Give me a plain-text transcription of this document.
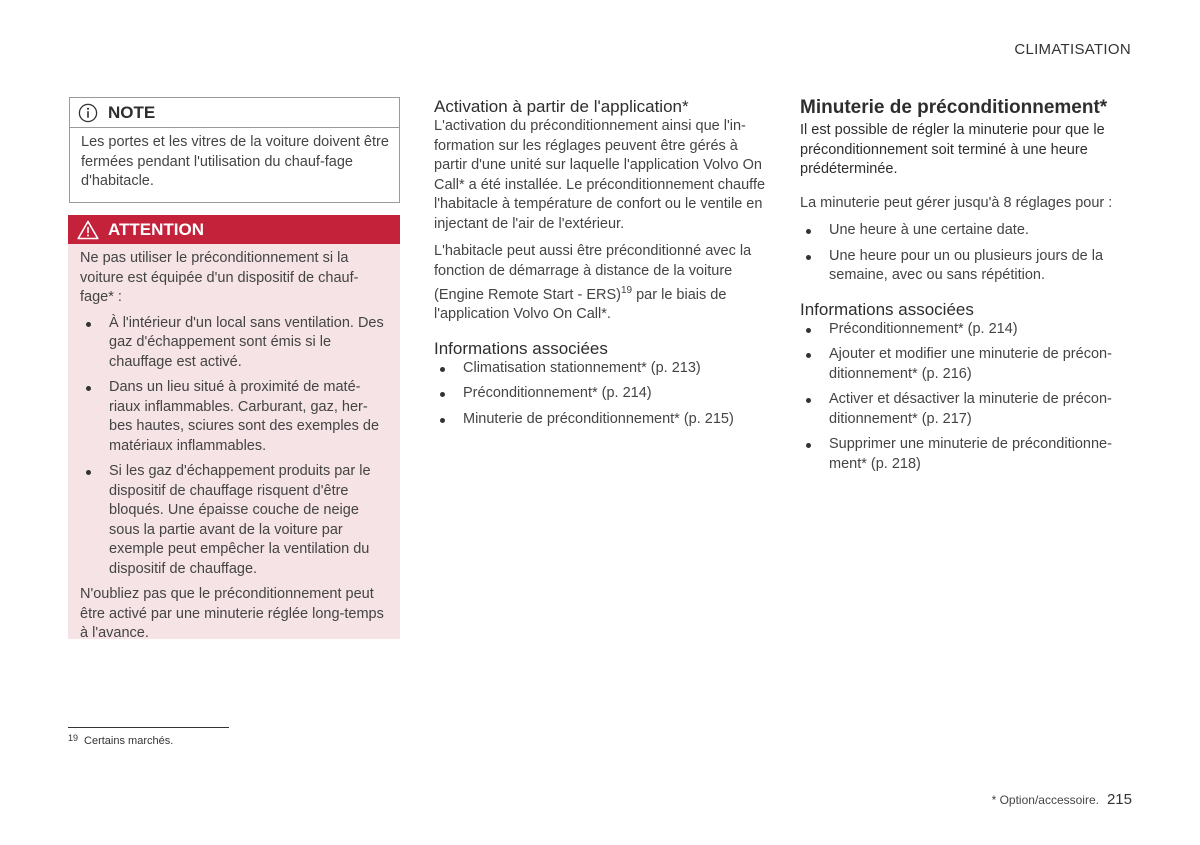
CLIMATISATION
NOTE
Les portes et les vitres de la voiture doivent être fermées pendant l'utilisation du chauf-fage d'habitacle.
ATTENTION

Ne pas utiliser le préconditionnement si la voiture est équipée d'un dispositif de chauf-fage* :

À l'intérieur d'un local sans ventilation. Des gaz d'échappement sont émis si le chauffage est activé.
Dans un lieu situé à proximité de maté-riaux inflammables. Carburant, gaz, her-bes hautes, sciures sont des exemples de matériaux inflammables.
Si les gaz d'échappement produits par le dispositif de chauffage risquent d'être bloqués. Une épaisse couche de neige sous la partie avant de la voiture par exemple peut empêcher la ventilation du dispositif de chauffage.

N'oubliez pas que le préconditionnement peut être activé par une minuterie réglée long-temps à l'avance.

Activation à partir de l'application*

L'activation du préconditionnement ainsi que l'in-formation sur les réglages peuvent être gérés à partir d'une unité sur laquelle l'application Volvo On Call* a été installée. Le préconditionnement chauffe l'habitacle à température de confort ou le ventile en injectant de l'air de l'extérieur.

L'habitacle peut aussi être préconditionné avec la fonction de démarrage à distance de la voiture (Engine Remote Start - ERS)$^{19}$ par le biais de l'application Volvo On Call*.

Informations associées
Climatisation stationnement* (p. 213)
Préconditionnement* (p. 214)
Minuterie de préconditionnement* (p. 215)
Minuterie de préconditionnement*

Il est possible de régler la minuterie pour que le préconditionnement soit terminé à une heure prédéterminée.

La minuterie peut gérer jusqu'à 8 réglages pour :

Une heure à une certaine date.
Une heure pour un ou plusieurs jours de la semaine, avec ou sans répétition.
Informations associées
Préconditionnement* (p. 214)
Ajouter et modifier une minuterie de précon-ditionnement* (p. 216)
Activer et désactiver la minuterie de précon-ditionnement* (p. 217)
Supprimer une minuterie de préconditionne-ment* (p. 218)
$^{19}$ Certains marchés.
* Option/accessoire. 215
